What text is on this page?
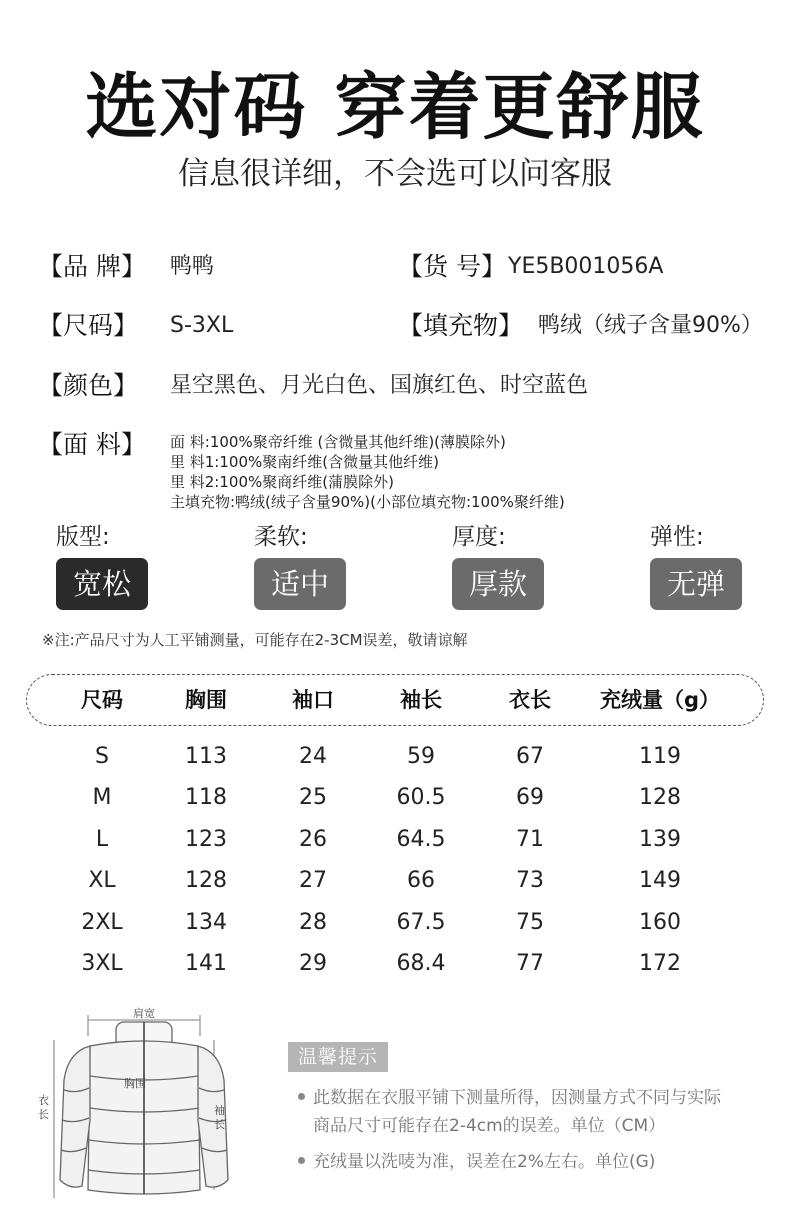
选对码 穿着更舒服
信息很详细，不会选可以问客服
【品 牌】 鸭鸭	【货 号】 YE5B001056A
【尺码】 S-3XL	【填充物】 鸭绒（绒子含量90%）
【颜色】 星空黑色、月光白色、国旗红色、时空蓝色
【面 料】 面 料:100%聚帝纤维 (含微量其他纤维)(薄膜除外)
里 料1:100%聚南纤维(含微量其他纤维)
里 料2:100%聚商纤维(蒲膜除外)
主填充物:鸭绒(绒子含量90%)(小部位填充物:100%聚纤维)
版型:	柔软:	厚度:	弹性:
宽松	适中	厚款	无弹
※注:产品尺寸为人工平铺测量，可能存在2-3CM误差，敬请谅解
尺码	胸围	袖口	袖长	衣长	充绒量（g）
S	113	24	59	67	119
M	118	25	60.5	69	128
L	123	26	64.5	71	139
XL	128	27	66	73	149
2XL	134	28	67.5	75	160
3XL	141	29	68.4	77	172
肩宽
胸围
衣长	袖长
温馨提示
此数据在衣服平铺下测量所得，因测量方式不同与实际
商品尺寸可能存在2-4cm的误差。单位（CM）
充绒量以洗唛为准，误差在2%左右。单位(G)
